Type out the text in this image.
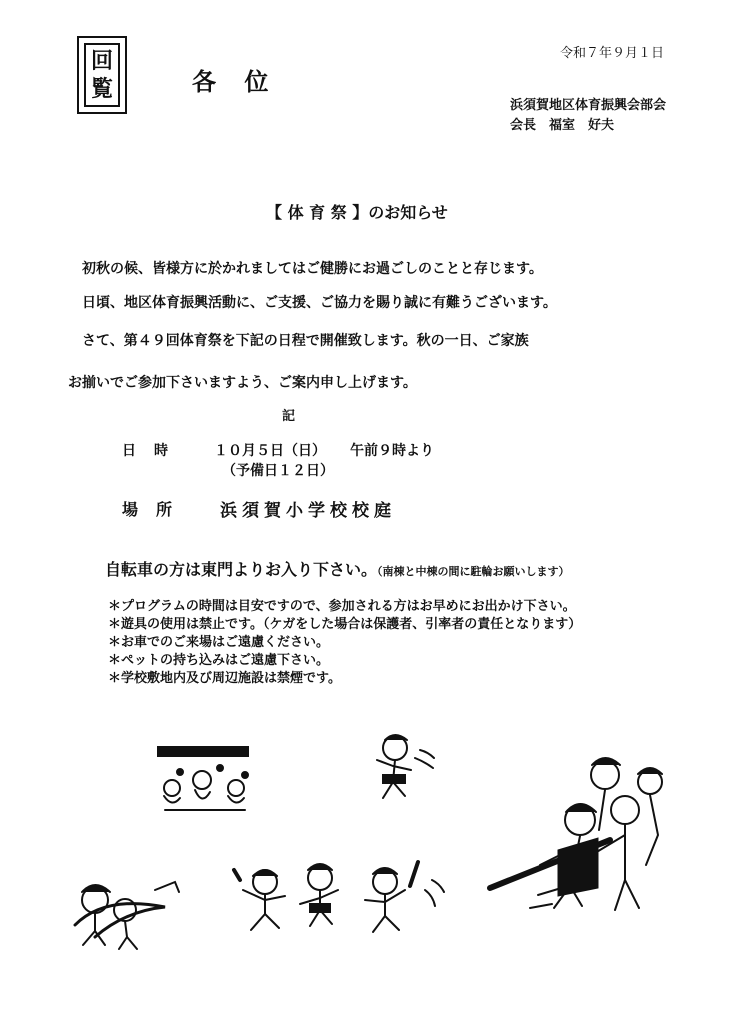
回
覧	各 位
令和７年９月１日
浜須賀地区体育振興会部会
会長　福室　好夫
【 体 育 祭 】のお知らせ
初秋の候、皆様方に於かれましてはご健勝にお過ごしのことと存じます。
日頃、地区体育振興活動に、ご支援、ご協力を賜り誠に有難うございます。
さて、第４９回体育祭を下記の日程で開催致します。秋の一日、ご家族
お揃いでご参加下さいますよう、ご案内申し上げます。
記
日時 １０月５日（日） 午前９時より
（予備日１２日）
場所 浜須賀小学校校庭
自転車の方は東門よりお入り下さい。（南棟と中棟の間に駐輪お願いします）
＊プログラムの時間は目安ですので、参加される方はお早めにお出かけ下さい。
＊遊具の使用は禁止です。（ケガをした場合は保護者、引率者の責任となります）
＊お車でのご来場はご遠慮ください。
＊ペットの持ち込みはご遠慮下さい。
＊学校敷地内及び周辺施設は禁煙です。
